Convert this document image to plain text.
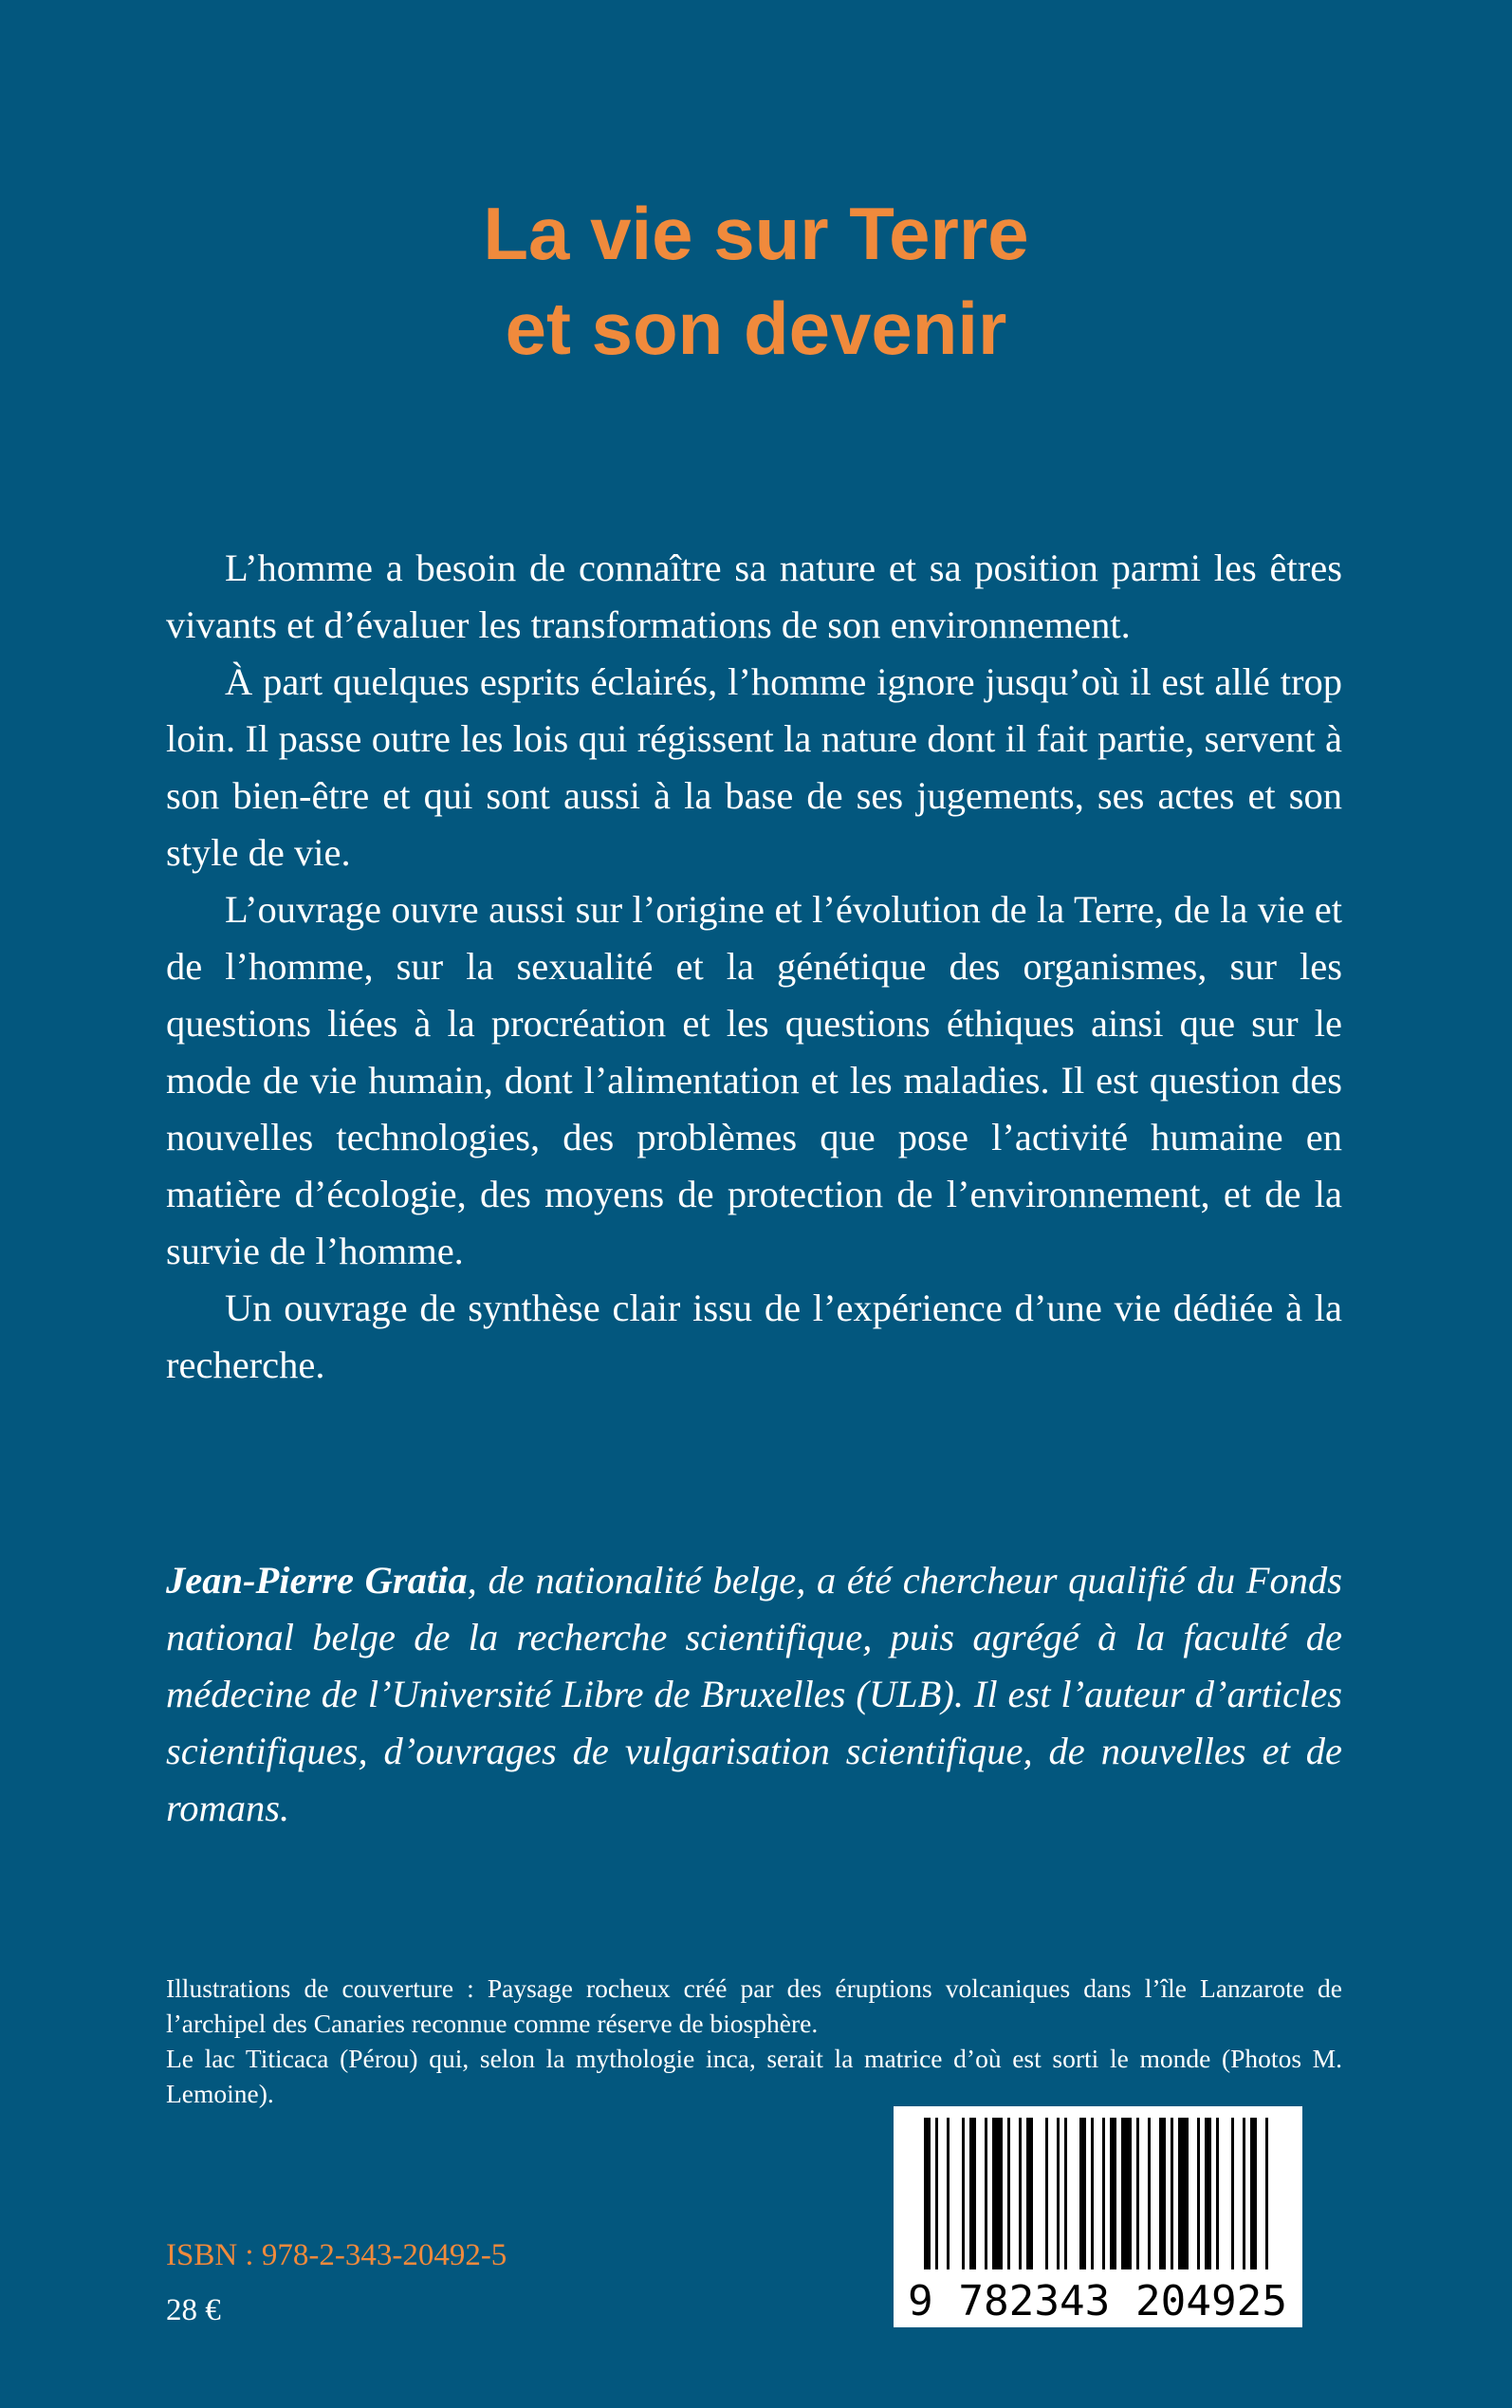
La vie sur Terre
et son devenir

L’homme a besoin de connaître sa nature et sa position parmi les êtres vivants et d’évaluer les transformations de son environnement.

À part quelques esprits éclairés, l’homme ignore jusqu’où il est allé trop loin. Il passe outre les lois qui régissent la nature dont il fait partie, servent à son bien-être et qui sont aussi à la base de ses jugements, ses actes et son style de vie.

L’ouvrage ouvre aussi sur l’origine et l’évolution de la Terre, de la vie et de l’homme, sur la sexualité et la génétique des organismes, sur les questions liées à la procréation et les questions éthiques ainsi que sur le mode de vie humain, dont l’alimentation et les maladies. Il est question des nouvelles technologies, des problèmes que pose l’activité humaine en matière d’écologie, des moyens de protection de l’environnement, et de la survie de l’homme.

Un ouvrage de synthèse clair issu de l’expérience d’une vie dédiée à la recherche.

Jean-Pierre Gratia, de nationalité belge, a été chercheur qualifié du Fonds national belge de la recherche scientifique, puis agrégé à la faculté de médecine de l’Université Libre de Bruxelles (ULB). Il est l’auteur d’articles scientifiques, d’ouvrages de vulgarisation scientifique, de nouvelles et de romans.

Illustrations de couverture : Paysage rocheux créé par des éruptions volcaniques dans l’île Lanzarote de l’archipel des Canaries reconnue comme réserve de biosphère.

Le lac Titicaca (Pérou) qui, selon la mythologie inca, serait la matrice d’où est sorti le monde (Photos M. Lemoine).

9 782343 204925
ISBN : 978-2-343-20492-5
28 €
